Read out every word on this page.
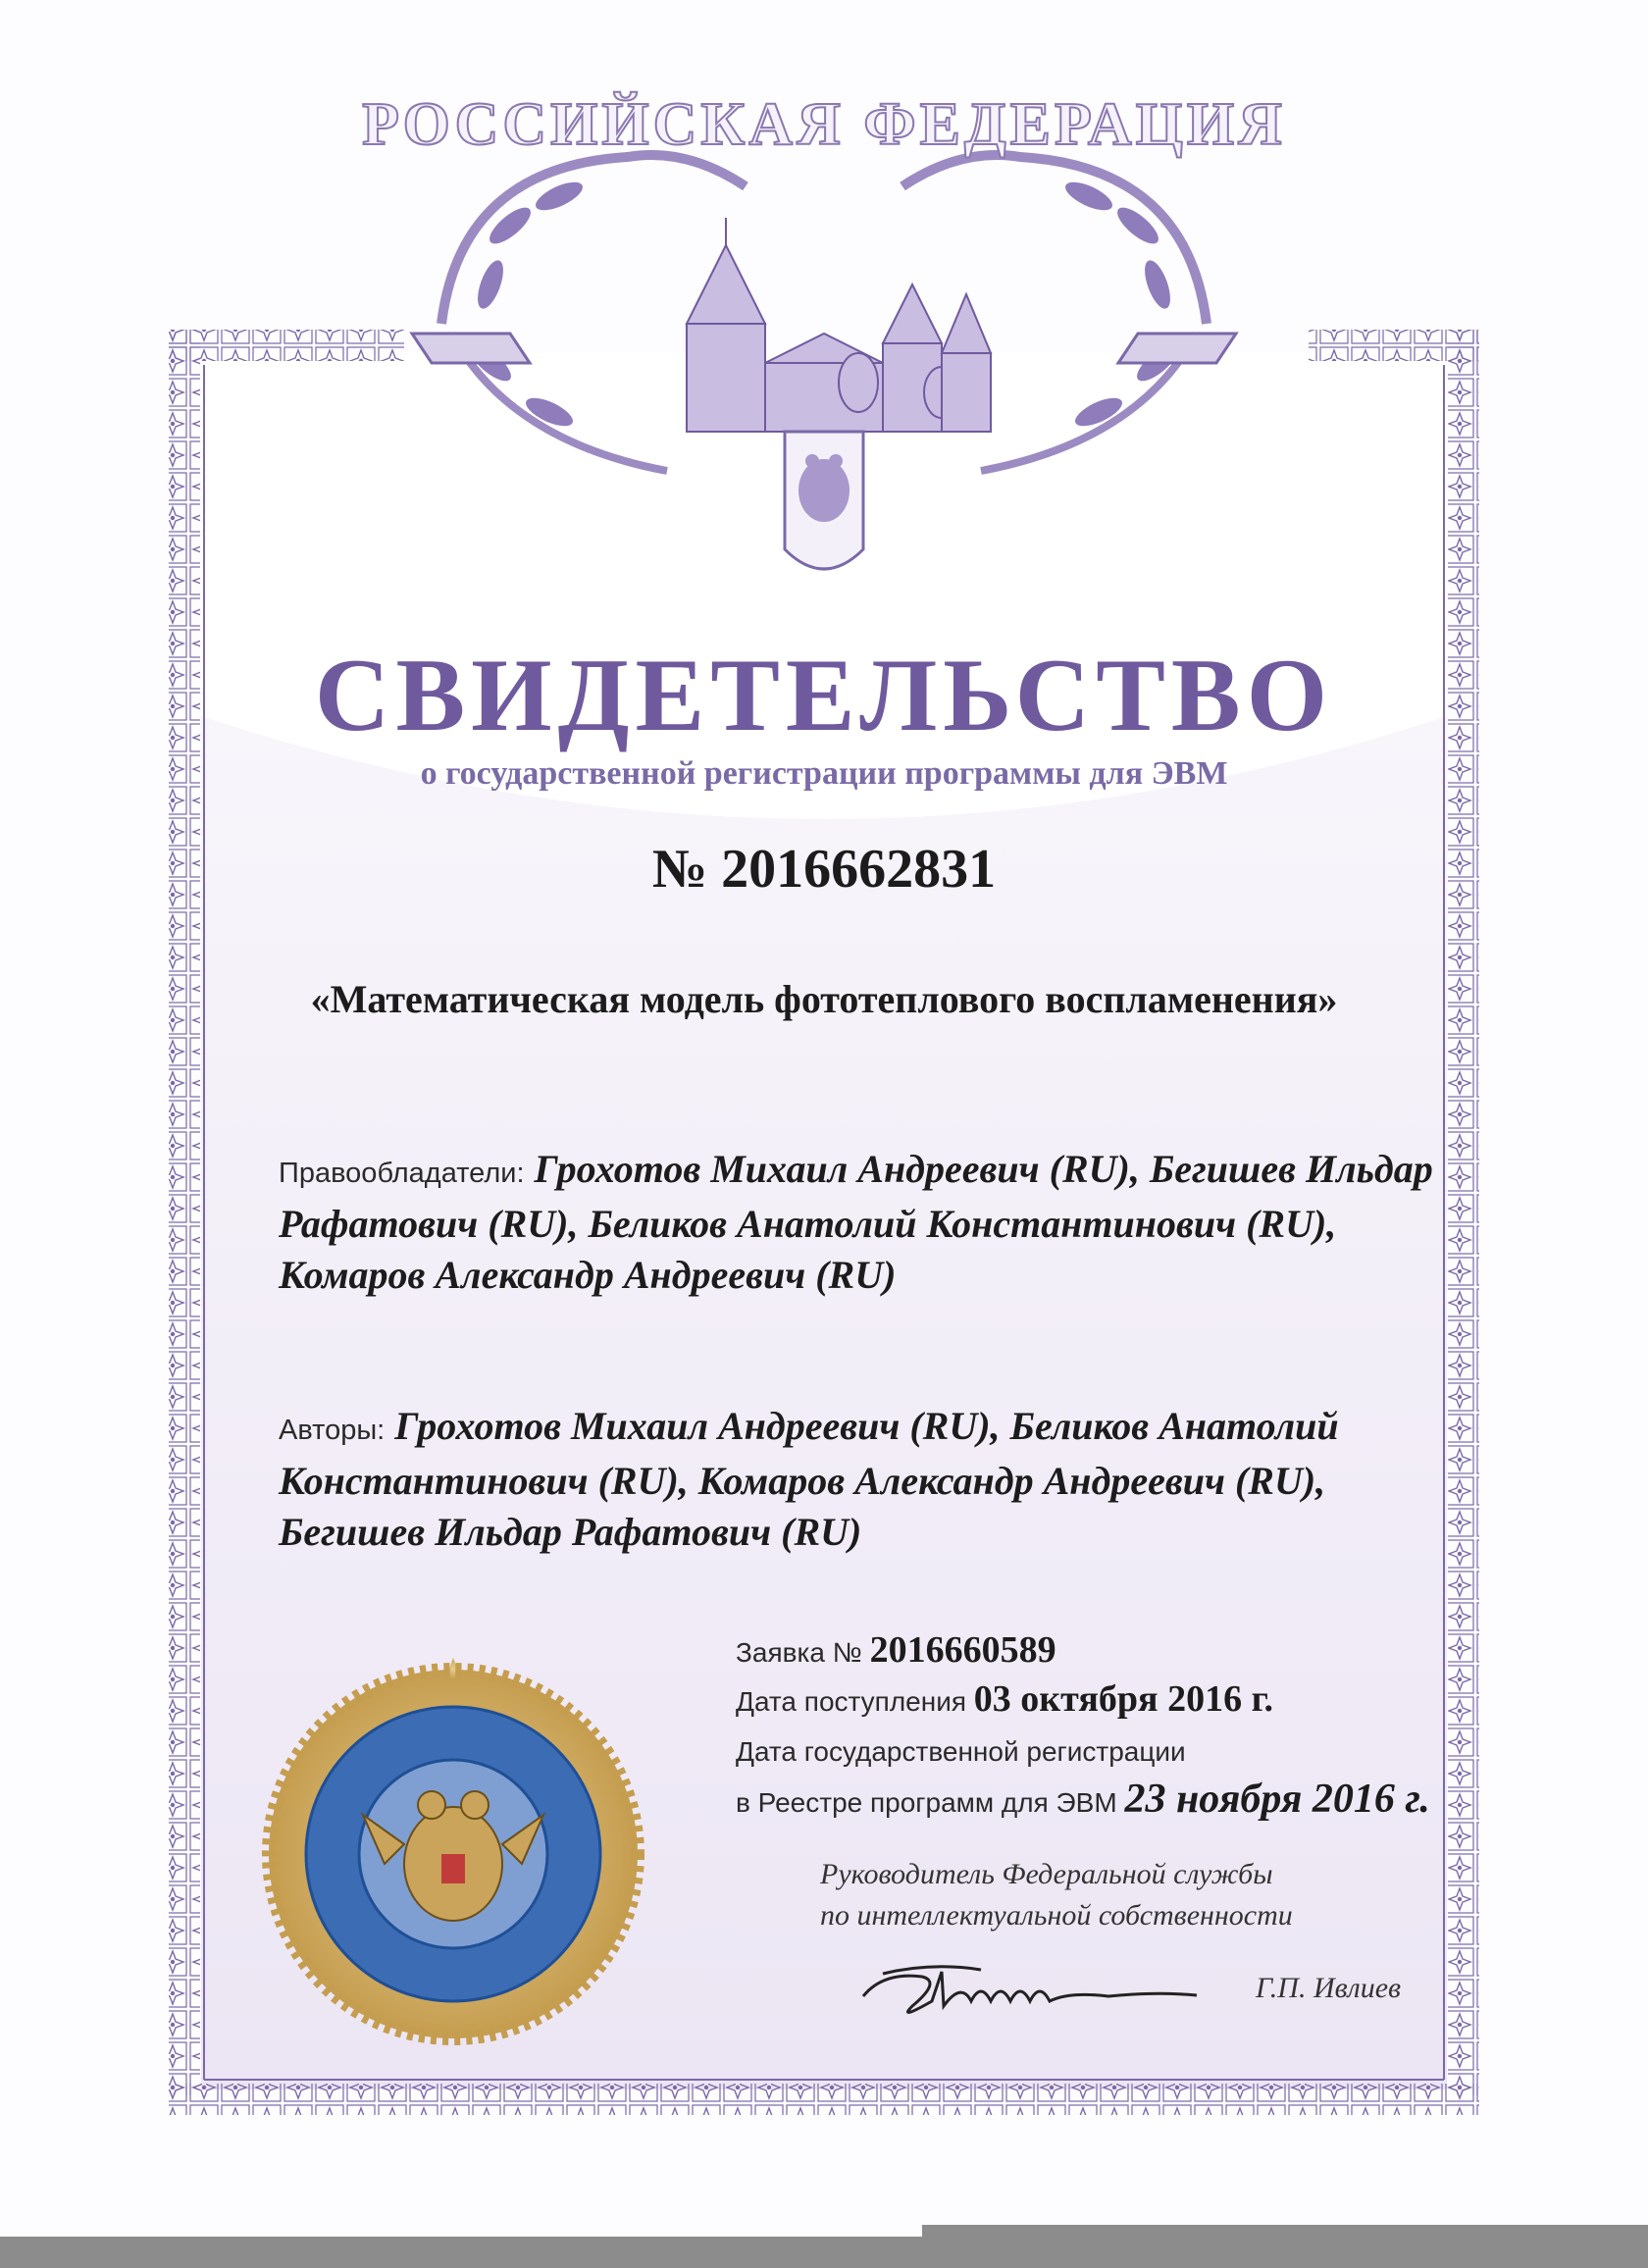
РОССИЙСКАЯ ФЕДЕРАЦИЯ
СВИДЕТЕЛЬСТВО
о государственной регистрации программы для ЭВМ
№ 2016662831
«Математическая модель фототеплового воспламенения»
Правообладатели: Грохотов Михаил Андреевич (RU), Бегишев Ильдар
Рафатович (RU), Беликов Анатолий Константинович (RU),
Комаров Александр Андреевич (RU)
Авторы: Грохотов Михаил Андреевич (RU), Беликов Анатолий
Константинович (RU), Комаров Александр Андреевич (RU),
Бегишев Ильдар Рафатович (RU)
Заявка № 2016660589
Дата поступления 03 октября 2016 г.
Дата государственной регистрации
в Реестре программ для ЭВМ 23 ноября 2016 г.
Руководитель Федеральной службы
по интеллектуальной собственности
Г.П. Ивлиев
